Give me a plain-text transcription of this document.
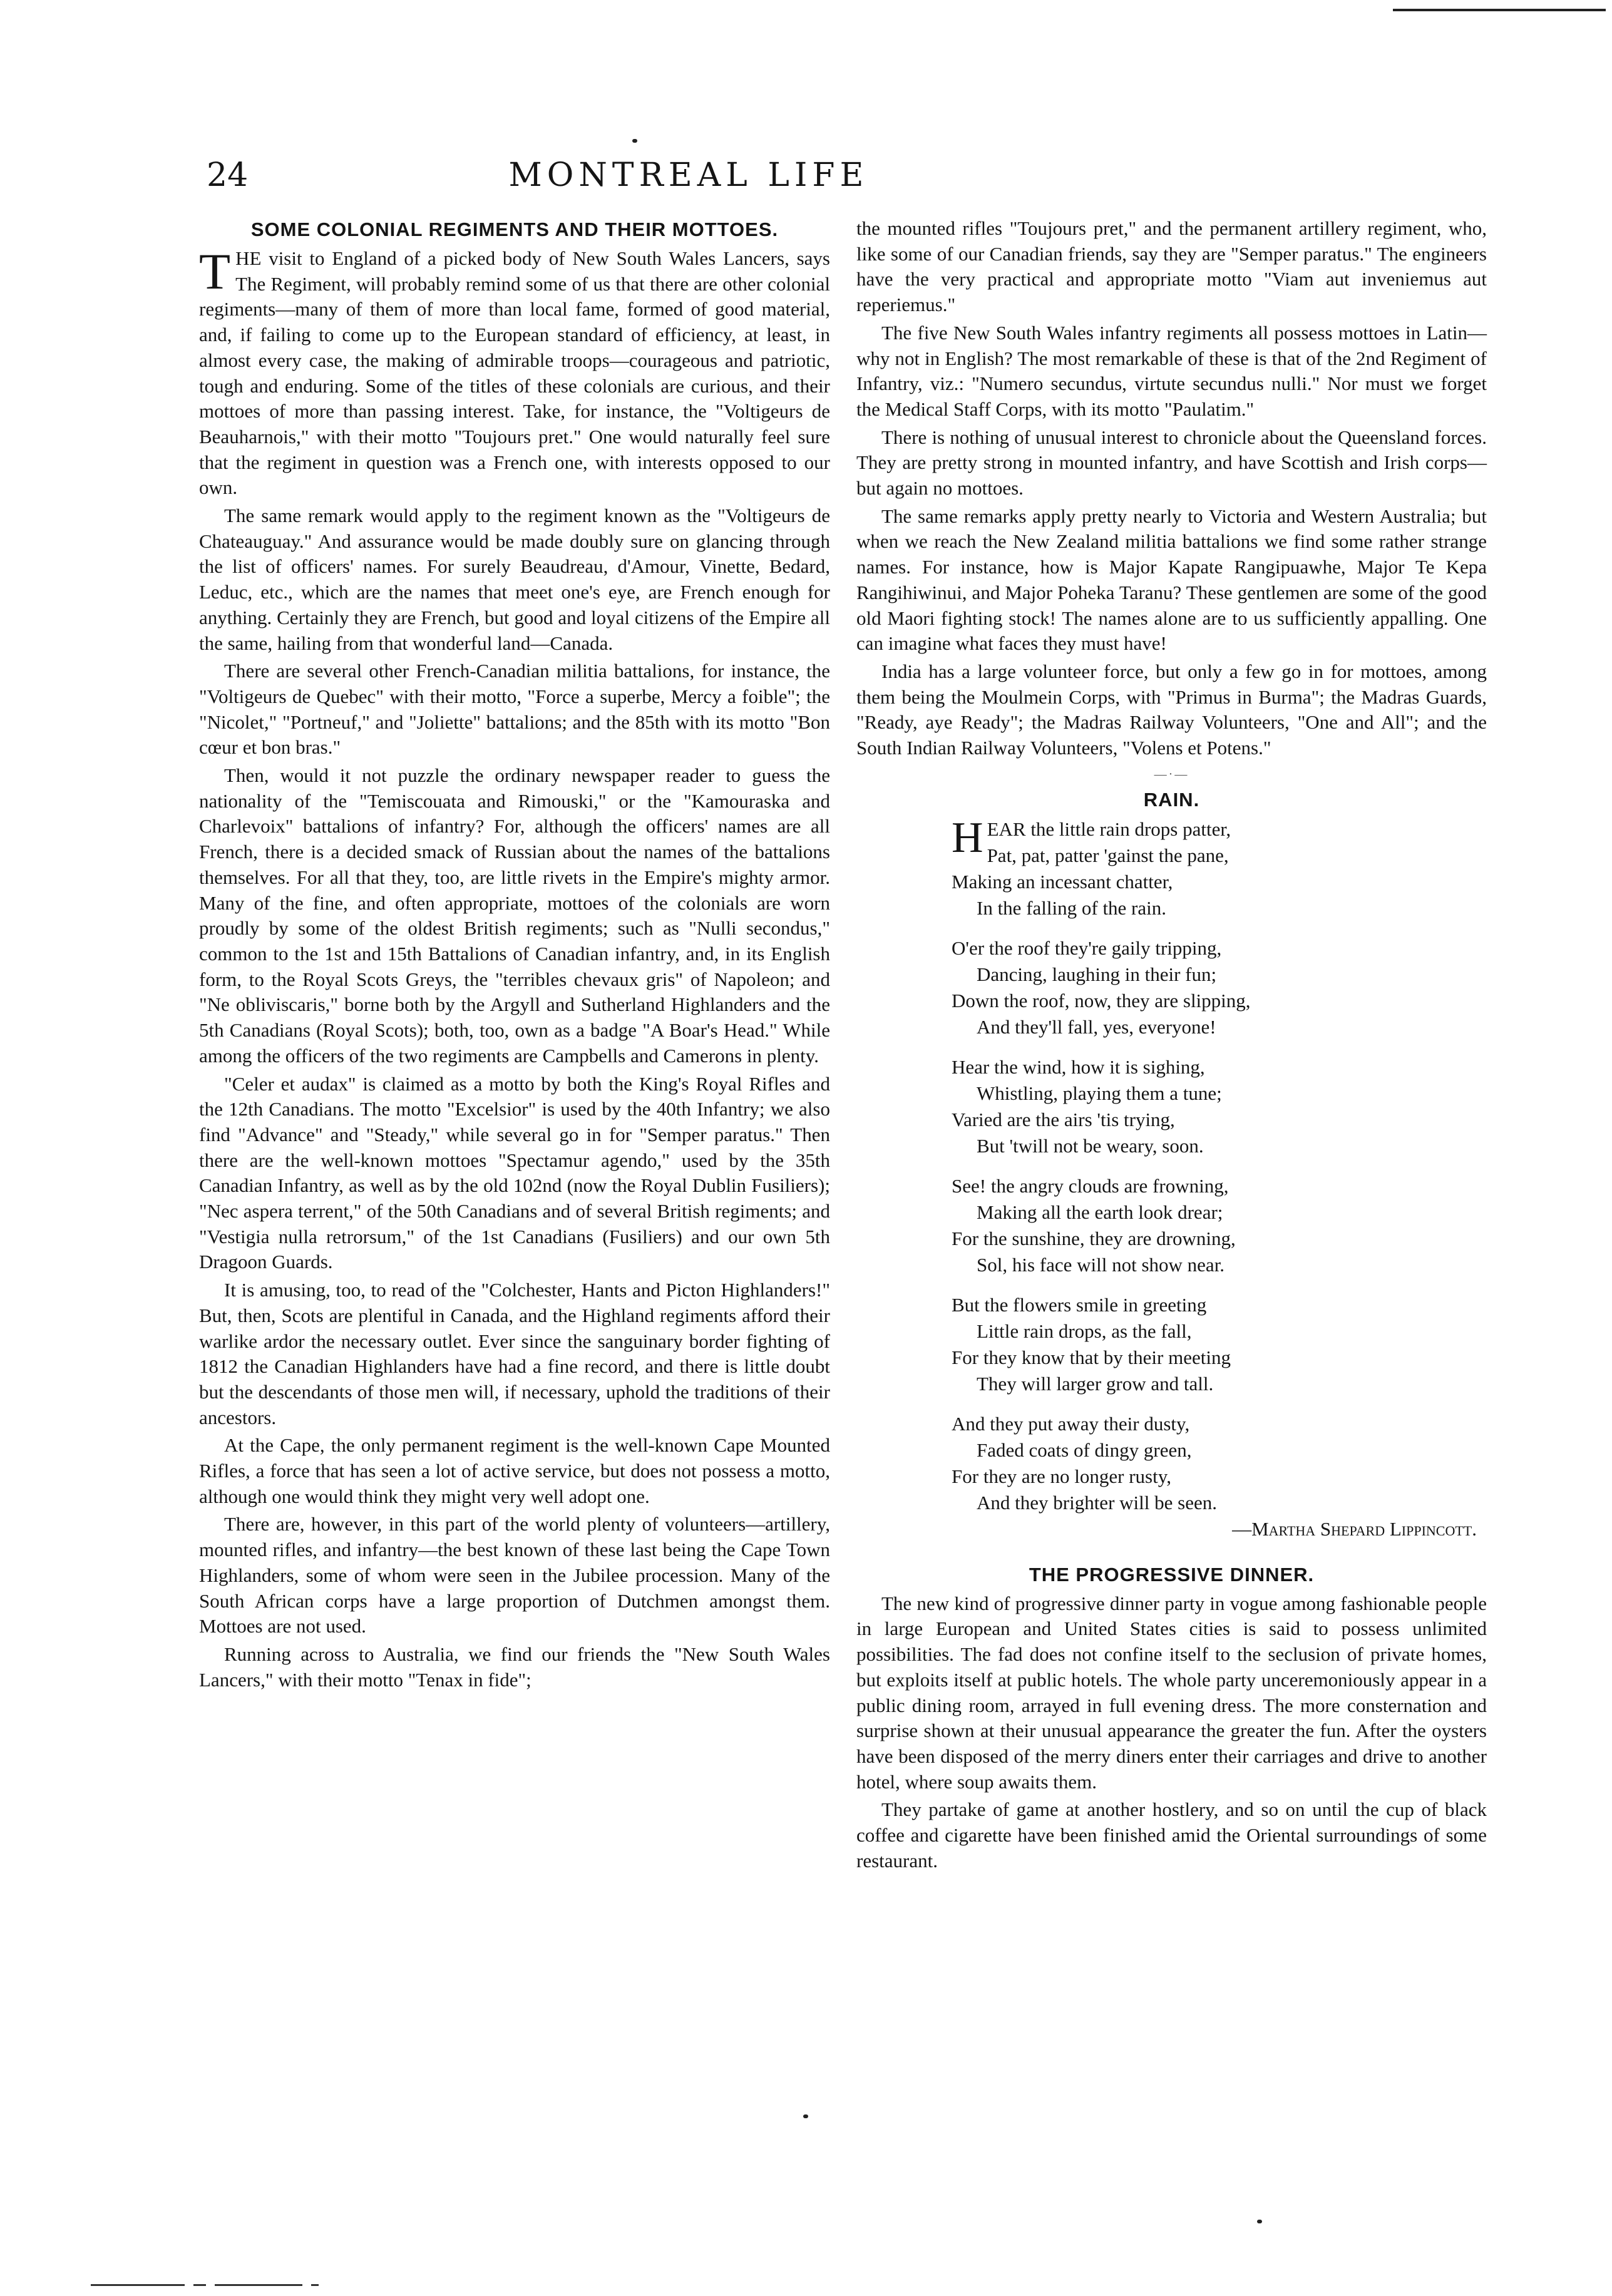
24	MONTREAL LIFE
SOME COLONIAL REGIMENTS AND THEIR MOTTOES.

THE visit to England of a picked body of New South Wales Lancers, says The Regiment, will probably remind some of us that there are other colonial regiments—many of them of more than local fame, formed of good material, and, if failing to come up to the European standard of efficiency, at least, in almost every case, the making of admirable troops—courageous and patriotic, tough and enduring. Some of the titles of these colonials are curious, and their mottoes of more than passing interest. Take, for instance, the "Voltigeurs de Beauharnois," with their motto "Toujours pret." One would naturally feel sure that the regiment in question was a French one, with interests opposed to our own.

The same remark would apply to the regiment known as the "Voltigeurs de Chateauguay." And assurance would be made doubly sure on glancing through the list of officers' names. For surely Beaudreau, d'Amour, Vinette, Bedard, Leduc, etc., which are the names that meet one's eye, are French enough for anything. Certainly they are French, but good and loyal citizens of the Empire all the same, hailing from that wonderful land—Canada.

There are several other French-Canadian militia battalions, for instance, the "Voltigeurs de Quebec" with their motto, "Force a superbe, Mercy a foible"; the "Nicolet," "Portneuf," and "Joliette" battalions; and the 85th with its motto "Bon cœur et bon bras."

Then, would it not puzzle the ordinary newspaper reader to guess the nationality of the "Temiscouata and Rimouski," or the "Kamouraska and Charlevoix" battalions of infantry? For, although the officers' names are all French, there is a decided smack of Russian about the names of the battalions themselves. For all that they, too, are little rivets in the Empire's mighty armor. Many of the fine, and often appropriate, mottoes of the colonials are worn proudly by some of the oldest British regiments; such as "Nulli secondus," common to the 1st and 15th Battalions of Canadian infantry, and, in its English form, to the Royal Scots Greys, the "terribles chevaux gris" of Napoleon; and "Ne obliviscaris," borne both by the Argyll and Sutherland Highlanders and the 5th Canadians (Royal Scots); both, too, own as a badge "A Boar's Head." While among the officers of the two regiments are Campbells and Camerons in plenty.

"Celer et audax" is claimed as a motto by both the King's Royal Rifles and the 12th Canadians. The motto "Excelsior" is used by the 40th Infantry; we also find "Advance" and "Steady," while several go in for "Semper paratus." Then there are the well-known mottoes "Spectamur agendo," used by the 35th Canadian Infantry, as well as by the old 102nd (now the Royal Dublin Fusiliers); "Nec aspera terrent," of the 50th Canadians and of several British regiments; and "Vestigia nulla retrorsum," of the 1st Canadians (Fusiliers) and our own 5th Dragoon Guards.

It is amusing, too, to read of the "Colchester, Hants and Picton Highlanders!" But, then, Scots are plentiful in Canada, and the Highland regiments afford their warlike ardor the necessary outlet. Ever since the sanguinary border fighting of 1812 the Canadian Highlanders have had a fine record, and there is little doubt but the descendants of those men will, if necessary, uphold the traditions of their ancestors.

At the Cape, the only permanent regiment is the well-known Cape Mounted Rifles, a force that has seen a lot of active service, but does not possess a motto, although one would think they might very well adopt one.

There are, however, in this part of the world plenty of volunteers—artillery, mounted rifles, and infantry—the best known of these last being the Cape Town Highlanders, some of whom were seen in the Jubilee procession. Many of the South African corps have a large proportion of Dutchmen amongst them. Mottoes are not used.

Running across to Australia, we find our friends the "New South Wales Lancers," with their motto "Tenax in fide";

the mounted rifles "Toujours pret," and the permanent artillery regiment, who, like some of our Canadian friends, say they are "Semper paratus." The engineers have the very practical and appropriate motto "Viam aut inveniemus aut reperiemus."

The five New South Wales infantry regiments all possess mottoes in Latin—why not in English? The most remarkable of these is that of the 2nd Regiment of Infantry, viz.: "Numero secundus, virtute secundus nulli." Nor must we forget the Medical Staff Corps, with its motto "Paulatim."

There is nothing of unusual interest to chronicle about the Queensland forces. They are pretty strong in mounted infantry, and have Scottish and Irish corps—but again no mottoes.

The same remarks apply pretty nearly to Victoria and Western Australia; but when we reach the New Zealand militia battalions we find some rather strange names. For instance, how is Major Kapate Rangipuawhe, Major Te Kepa Rangihiwinui, and Major Poheka Taranu? These gentlemen are some of the good old Maori fighting stock! The names alone are to us sufficiently appalling. One can imagine what faces they must have!

India has a large volunteer force, but only a few go in for mottoes, among them being the Moulmein Corps, with "Primus in Burma"; the Madras Guards, "Ready, aye Ready"; the Madras Railway Volunteers, "One and All"; and the South Indian Railway Volunteers, "Volens et Potens."

—·—
RAIN.
HEAR the little rain drops patter,
Pat, pat, patter 'gainst the pane,
Making an incessant chatter,
In the falling of the rain.
O'er the roof they're gaily tripping,
Dancing, laughing in their fun;
Down the roof, now, they are slipping,
And they'll fall, yes, everyone!
Hear the wind, how it is sighing,
Whistling, playing them a tune;
Varied are the airs 'tis trying,
But 'twill not be weary, soon.
See! the angry clouds are frowning,
Making all the earth look drear;
For the sunshine, they are drowning,
Sol, his face will not show near.
But the flowers smile in greeting
Little rain drops, as the fall,
For they know that by their meeting
They will larger grow and tall.
And they put away their dusty,
Faded coats of dingy green,
For they are no longer rusty,
And they brighter will be seen.
—Martha Shepard Lippincott.
THE PROGRESSIVE DINNER.

The new kind of progressive dinner party in vogue among fashionable people in large European and United States cities is said to possess unlimited possibilities. The fad does not confine itself to the seclusion of private homes, but exploits itself at public hotels. The whole party unceremoniously appear in a public dining room, arrayed in full evening dress. The more consternation and surprise shown at their unusual appearance the greater the fun. After the oysters have been disposed of the merry diners enter their carriages and drive to another hotel, where soup awaits them.

They partake of game at another hostlery, and so on until the cup of black coffee and cigarette have been finished amid the Oriental surroundings of some restaurant.
